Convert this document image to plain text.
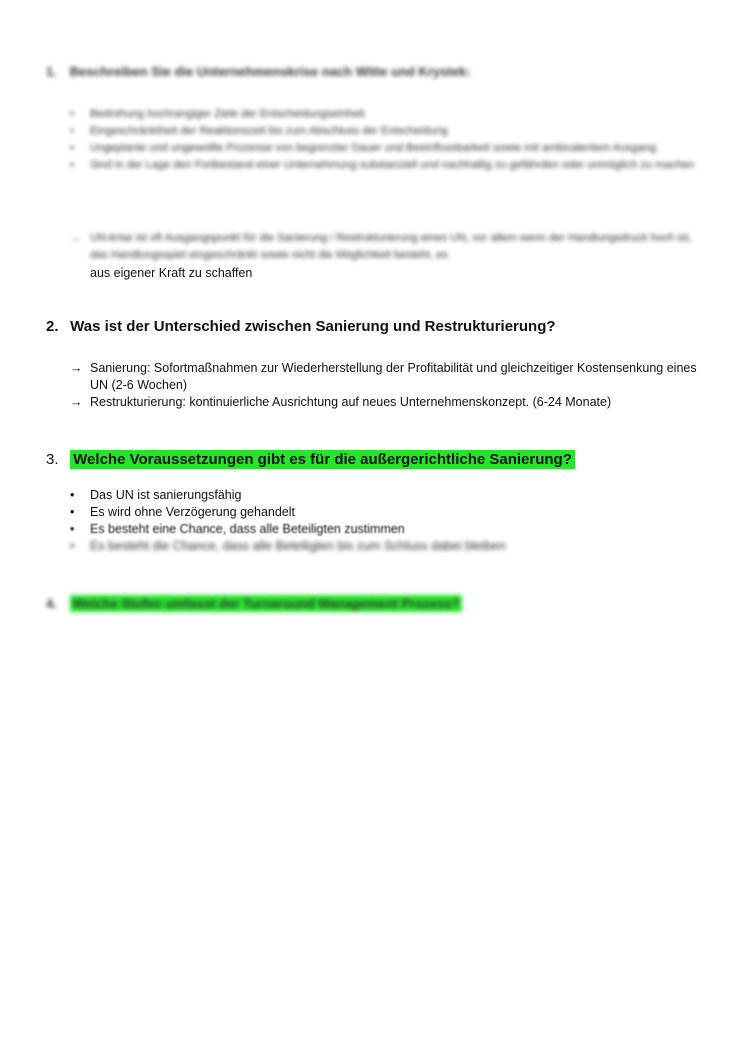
1. Beschreiben Sie die Unternehmenskrise nach Witte und Krystek:
•	Bedrohung hochrangiger Ziele der Entscheidungseinheit
•	Eingeschränktheit der Reaktionszeit bis zum Abschluss der Entscheidung
•	Ungeplante und ungewollte Prozesse von begrenzter Dauer und Beeinflussbarkeit sowie mit ambivalentem Ausgang
•	Sind in der Lage den Fortbestand einer Unternehmung substanziell und nachhaltig zu gefährden oder unmöglich zu machen
→ UN-krise ist oft Ausgangspunkt für die Sanierung / Restrukturierung eines UN, vor allem wenn der Handlungsdruck hoch ist, das Handlungsspiel eingeschränkt sowie nicht die Möglichkeit besteht, es
aus eigener Kraft zu schaffen
2. Was ist der Unterschied zwischen Sanierung und Restrukturierung?
→ Sanierung: Sofortmaßnahmen zur Wiederherstellung der Profitabilität und gleichzeitiger Kostensenkung eines UN (2-6 Wochen)
→ Restrukturierung: kontinuierliche Ausrichtung auf neues Unternehmenskonzept. (6-24 Monate)
3. Welche Voraussetzungen gibt es für die außergerichtliche Sanierung?
•	Das UN ist sanierungsfähig
•	Es wird ohne Verzögerung gehandelt
•	Es besteht eine Chance, dass alle Beteiligten zustimmen
•	Es besteht die Chance, dass alle Beteiligten bis zum Schluss dabei bleiben
4. Welche Stufen umfasst der Turnaround Management Prozess?
